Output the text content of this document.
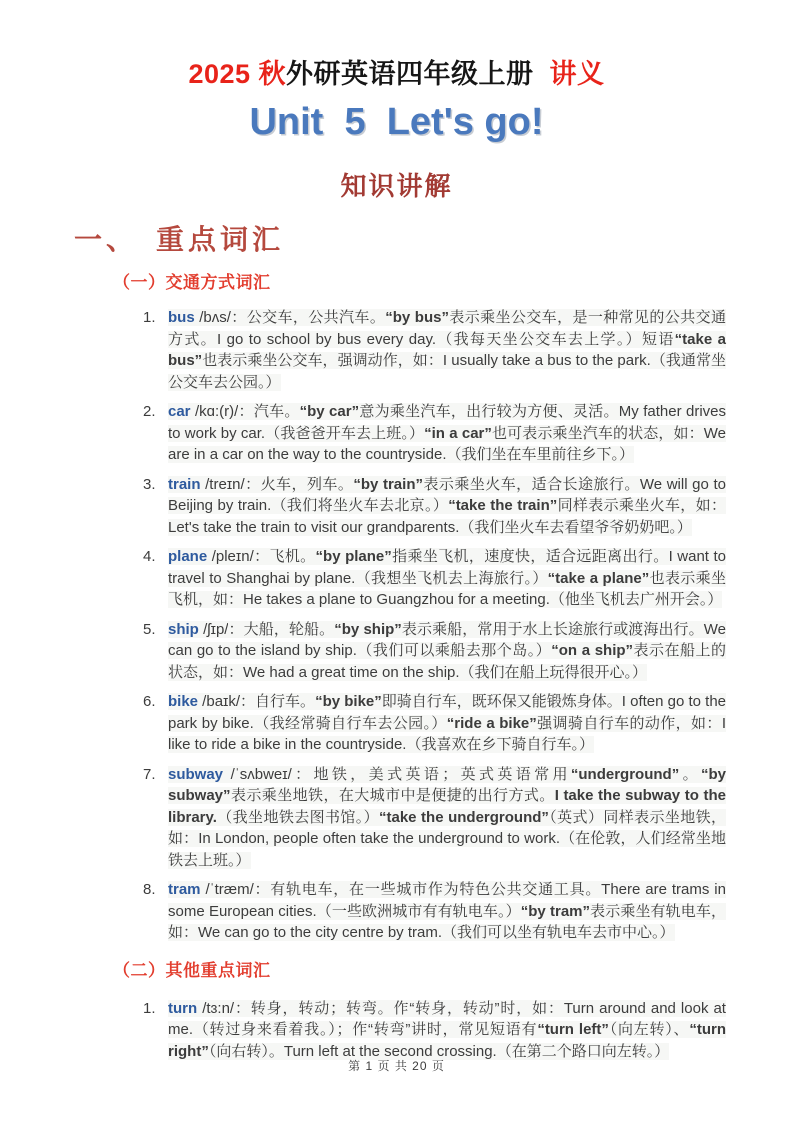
2025 秋外研英语四年级上册  讲义
Unit  5  Let's go!
知识讲解
一、　重点词汇
（一）交通方式词汇
1. bus /bʌs/：公交车，公共汽车。“by bus”表示乘坐公交车，是一种常见的公共交通方式。I go to school by bus every day.（我每天坐公交车去上学。）短语“take a bus”也表示乘坐公交车，强调动作，如：I usually take a bus to the park.（我通常坐公交车去公园。）
2. car /kɑ:(r)/：汽车。“by car”意为乘坐汽车，出行较为方便、灵活。My father drives to work by car.（我爸爸开车去上班。）“in a car”也可表示乘坐汽车的状态，如：We are in a car on the way to the countryside.（我们坐在车里前往乡下。）
3. train /treɪn/：火车，列车。“by train”表示乘坐火车，适合长途旅行。We will go to Beijing by train.（我们将坐火车去北京。）“take the train”同样表示乘坐火车，如：Let's take the train to visit our grandparents.（我们坐火车去看望爷爷奶奶吧。）
4. plane /pleɪn/：飞机。“by plane”指乘坐飞机，速度快，适合远距离出行。I want to travel to Shanghai by plane.（我想坐飞机去上海旅行。）“take a plane”也表示乘坐飞机，如：He takes a plane to Guangzhou for a meeting.（他坐飞机去广州开会。）
5. ship /ʃɪp/：大船，轮船。“by ship”表示乘船，常用于水上长途旅行或渡海出行。We can go to the island by ship.（我们可以乘船去那个岛。）“on a ship”表示在船上的状态，如：We had a great time on the ship.（我们在船上玩得很开心。）
6. bike /baɪk/：自行车。“by bike”即骑自行车，既环保又能锻炼身体。I often go to the park by bike.（我经常骑自行车去公园。）“ride a bike”强调骑自行车的动作，如：I like to ride a bike in the countryside.（我喜欢在乡下骑自行车。）
7. subway /ˈsʌbweɪ/：地铁，美式英语；英式英语常用“underground”。“by subway”表示乘坐地铁，在大城市中是便捷的出行方式。I take the subway to the library.（我坐地铁去图书馆。）“take the underground”（英式）同样表示坐地铁，如：In London, people often take the underground to work.（在伦敦，人们经常坐地铁去上班。）
8. tram /ˈtræm/：有轨电车，在一些城市作为特色公共交通工具。There are trams in some European cities.（一些欧洲城市有有轨电车。）“by tram”表示乘坐有轨电车，如：We can go to the city centre by tram.（我们可以坐有轨电车去市中心。）
（二）其他重点词汇
1. turn /tɜ:n/：转身，转动；转弯。作“转身，转动”时，如：Turn around and look at me.（转过身来看着我。）；作“转弯”讲时，常见短语有“turn left”（向左转）、“turn right”（向右转）。Turn left at the second crossing.（在第二个路口向左转。）
第 1 页 共 20 页
